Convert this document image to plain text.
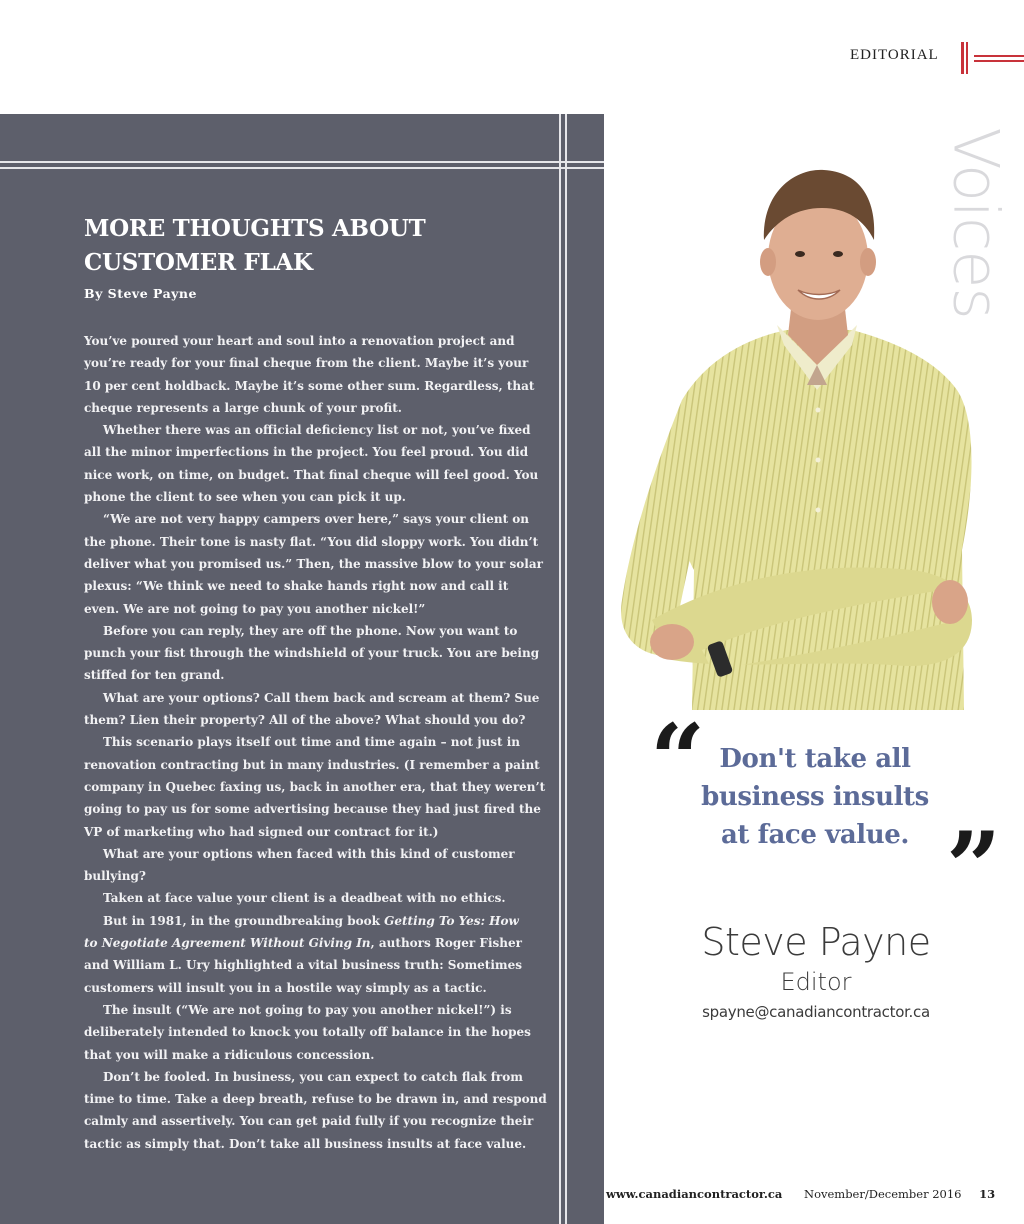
EDITORIAL
MORE THOUGHTS ABOUT
CUSTOMER FLAK
By Steve Payne
You’ve poured your heart and soul into a renovation project and
you’re ready for your final cheque from the client. Maybe it’s your
10 per cent holdback. Maybe it’s some other sum. Regardless, that
cheque represents a large chunk of your profit.
Whether there was an official deficiency list or not, you’ve fixed
all the minor imperfections in the project. You feel proud. You did
nice work, on time, on budget. That final cheque will feel good. You
phone the client to see when you can pick it up.
“We are not very happy campers over here,” says your client on
the phone. Their tone is nasty flat. “You did sloppy work. You didn’t
deliver what you promised us.” Then, the massive blow to your solar
plexus: “We think we need to shake hands right now and call it
even. We are not going to pay you another nickel!”
Before you can reply, they are off the phone. Now you want to
punch your fist through the windshield of your truck. You are being
stiffed for ten grand.
What are your options? Call them back and scream at them? Sue
them? Lien their property? All of the above? What should you do?
This scenario plays itself out time and time again – not just in
renovation contracting but in many industries. (I remember a paint
company in Quebec faxing us, back in another era, that they weren’t
going to pay us for some advertising because they had just fired the
VP of marketing who had signed our contract for it.)
What are your options when faced with this kind of customer
bullying?
Taken at face value your client is a deadbeat with no ethics.
But in 1981, in the groundbreaking book Getting To Yes: How
to Negotiate Agreement Without Giving In, authors Roger Fisher
and William L. Ury highlighted a vital business truth: Sometimes
customers will insult you in a hostile way simply as a tactic.
The insult (“We are not going to pay you another nickel!”) is
deliberately intended to knock you totally off balance in the hopes
that you will make a ridiculous concession.
Don’t be fooled. In business, you can expect to catch flak from
time to time. Take a deep breath, refuse to be drawn in, and respond
calmly and assertively. You can get paid fully if you recognize their
tactic as simply that. Don’t take all business insults at face value.
Voices
“ Don't take all
business insults
at face value. ”
Steve Payne
Editor
spayne@canadiancontractor.ca
www.canadiancontractor.ca November/December 2016 13
